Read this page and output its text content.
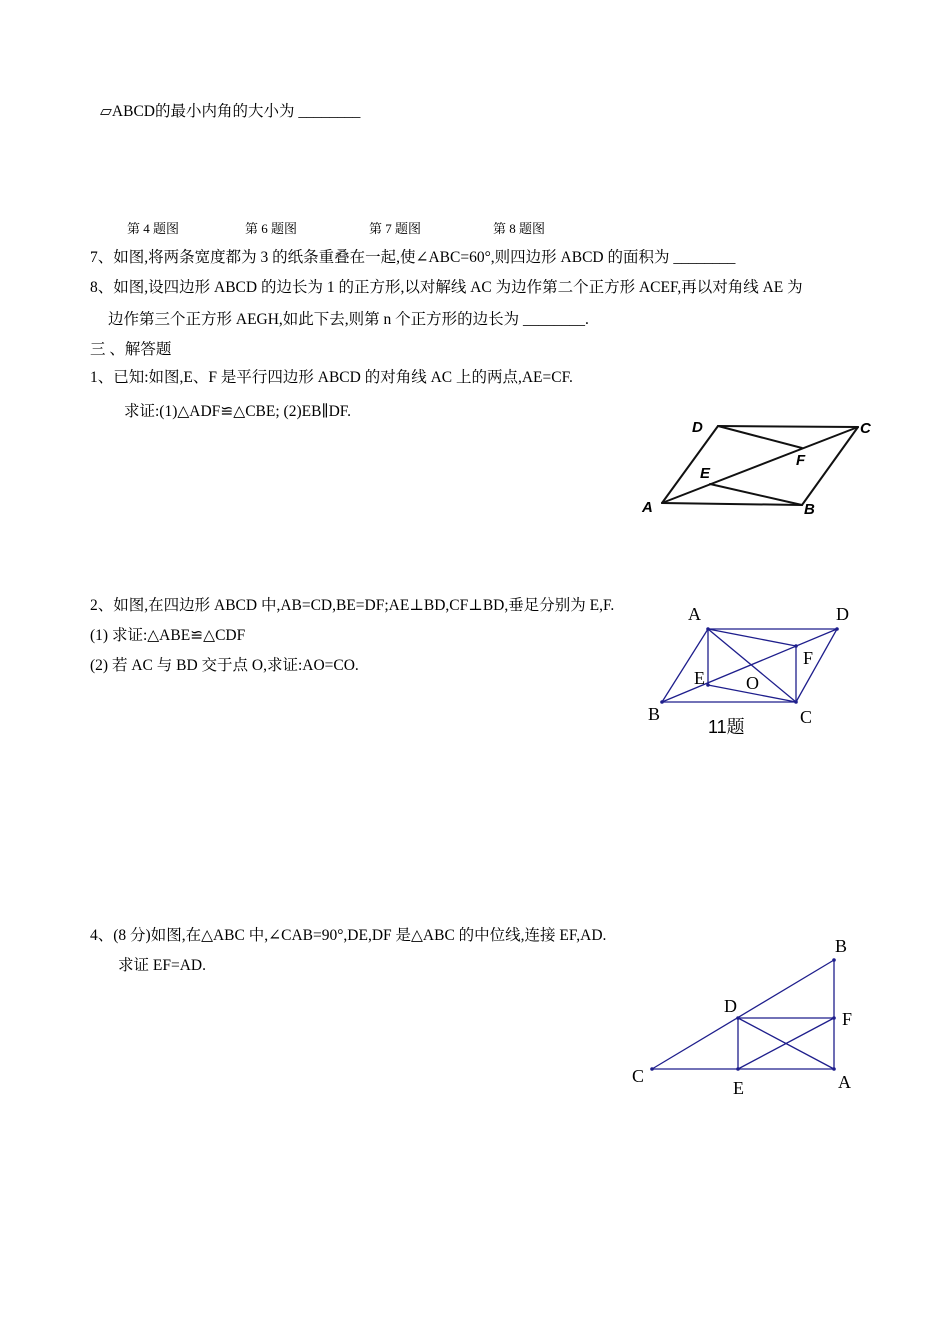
▱ABCD的最小内角的大小为 ________
第 4 题图	第 6 题图	第 7 题图	第 8 题图
7、如图,将两条宽度都为 3 的纸条重叠在一起,使∠ABC=60°,则四边形 ABCD 的面积为 ________
8、如图,设四边形 ABCD 的边长为 1 的正方形,以对解线 AC 为边作第二个正方形 ACEF,再以对角线 AE 为
边作第三个正方形 AEGH,如此下去,则第 n 个正方形的边长为 ________.
三 、解答题
1、已知:如图,E、F 是平行四边形 ABCD 的对角线 AC 上的两点,AE=CF.
求证:(1)△ADF≌△CBE; (2)EB∥DF.
2、如图,在四边形 ABCD 中,AB=CD,BE=DF;AE⊥BD,CF⊥BD,垂足分别为 E,F.
(1) 求证:△ABE≌△CDF
(2) 若 AC 与 BD 交于点 O,求证:AO=CO.
4、(8 分)如图,在△ABC 中,∠CAB=90°,DE,DF 是△ABC 的中位线,连接 EF,AD.
求证 EF=AD.
A	B
C
D
E
F
A	D
B	C
E
F
O
11题
B
D
F
C
E	A
